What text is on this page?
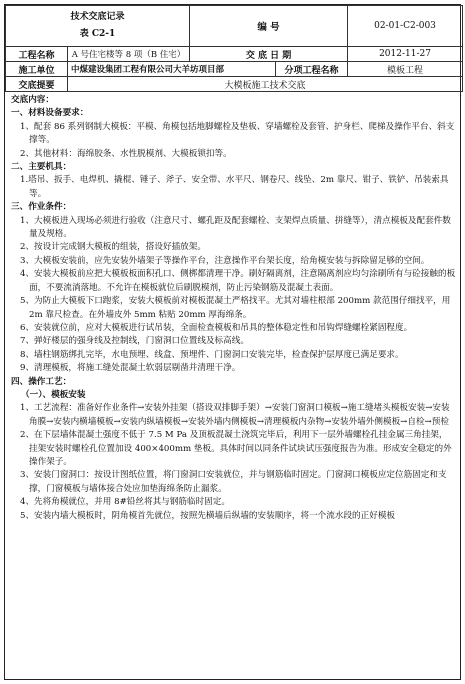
技术交底记录
表 C2-1		编 号		02-01-C2-003
工程名称	A 号住宅楼等 8 项（B 住宅）	交 底 日 期		2012-11-27
施工单位	中煤建设集团工程有限公司大羊坊项目部		分项工程名称	模板工程
交底提要	大模板施工技术交底			

交底内容：

一、材料设备要求：

1、配套 86 系列钢制大模板：平模、角模包括地脚螺栓及垫板、穿墙螺栓及套管、护身栏、爬梯及操作平台、斜支撑等。

2、其他材料：海绵胶条、水性脱模剂、大模板锁扣等。

二、主要机具：

1.塔吊、扳手、电焊机、撬棍、锤子、斧子、安全带、水平尺、钢卷尺、线坠、2m 靠尺、钳子、铁铲、吊装索具等。

三、作业条件：

1、大模板进入现场必须进行验收（注意尺寸、螺孔距及配套螺栓、支架焊点质量、拼缝等），清点模板及配套件数量及规格。

2、按设计完成钢大模板的组装，搭设好插放架。

3、大模板安装前，应先安装外墙架子等操作平台，注意操作平台架长度，给角模安装与拆除留足够的空间。

4、安装大模板前应把大模板板面积孔口、侧梆都清理干净。刷好隔离剂，注意隔离剂应均匀涂刷所有与砼接触的板面，不要流淌落地。不允许在模板就位后刷脱模剂，防止污染钢筋及混凝土表面。

5、为防止大模板下口跑浆，安装大模板前对模板混凝土严格找平。尤其对墙柱根部 200mm 款范围仔细找平，用 2m 靠尺检查。在外墙皮外 5mm 粘贴 20mm 厚海绵条。

6、安装就位前，应对大模板进行试吊装，全面检查模板和吊具的整体稳定性和吊钩焊缝螺栓紧固程度。

7、弹好楼层的强身线及控制线，门窗洞口位置线及标高线。

8、墙柱钢筋绑扎完毕，水电预埋、线盒、预埋件、门窗洞口安装完毕，检查保护层厚度已满足要求。

9、清理模板，将施工缝处混凝土软弱层剔凿并清理干净。

四、操作工艺：

（一）、模板安装

1、工艺流程：准备好作业条件→安装外挂架（搭设双排脚手架）→安装门窗洞口模板→施工缝堵头模板安装→安装角膜→安装内横墙模板→安装内纵墙模板→安装外墙内侧模板→清理模板内杂物→安装外墙外侧模板→自检→预检

2、在下层墙体混凝土强度不低于 7.5 M Pa 及顶板混凝土浇筑完毕后，利用下一层外墙螺栓孔挂金属三角挂架，挂架安装时螺栓孔位置加设 400×400mm 垫板。具体时间以同条件试块试压强度报告为准。形成安全稳定的外操作架子。

3、安装门窗洞口：按设计图纸位置，将门窗洞口安装就位，并与钢筋临时固定。门窗洞口模板应定位筋固定和支撑，门窗模板与墙体接合处应加垫海绵条防止漏浆。

4、先将角模就位，并用 8#铅丝将其与钢筋临时固定。

5、安装内墙大模板时，阴角模首先就位，按照先横墙后纵墙的安装顺序，将一个流水段的正好模板
